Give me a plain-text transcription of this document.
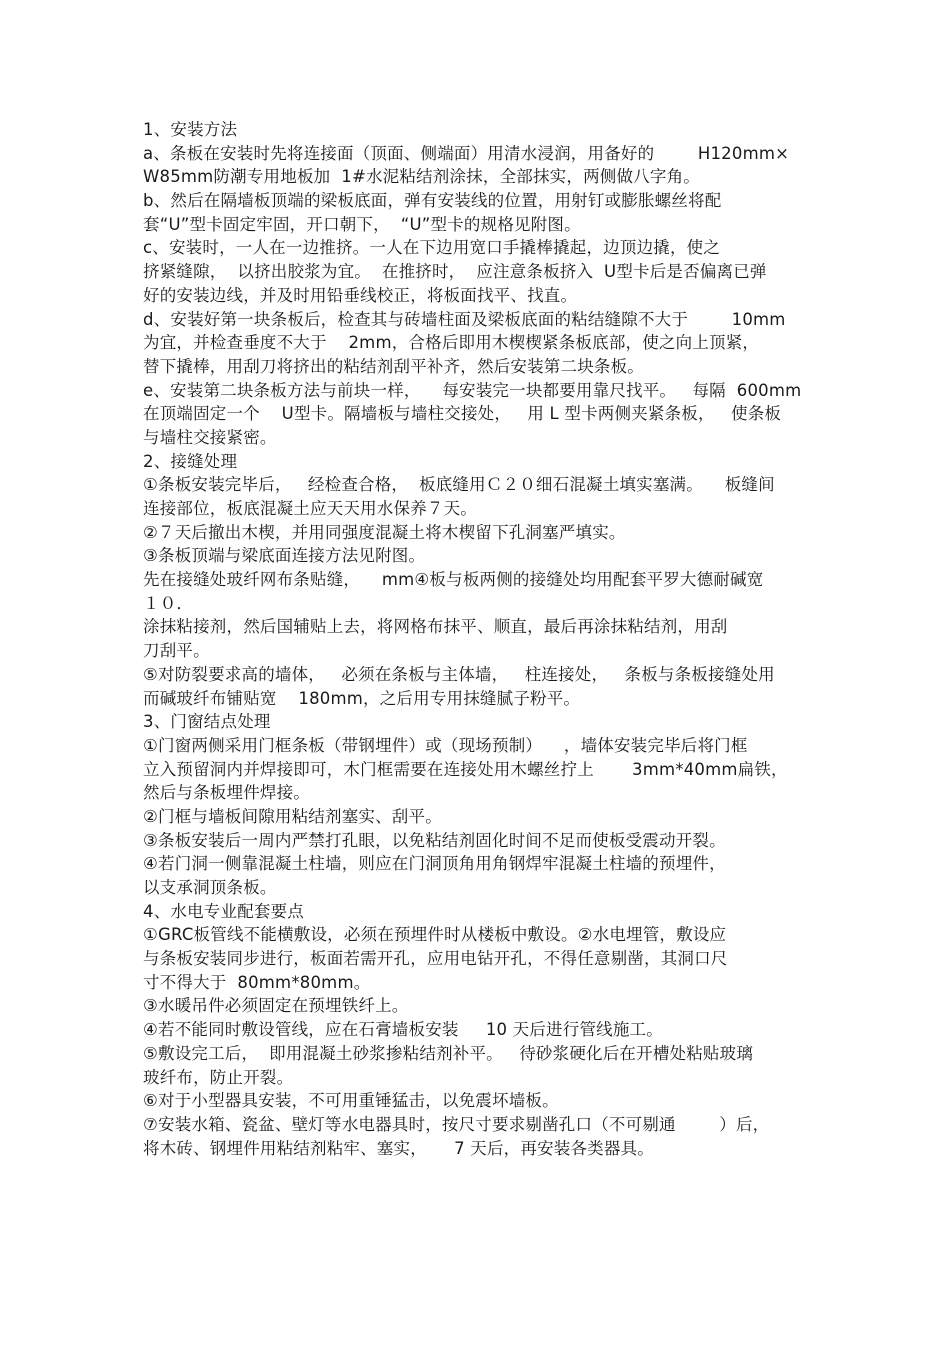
1、安装方法
a、条板在安装时先将连接面（顶面、侧端面）用清水浸润，用备好的        H120mm×
W85mm防潮专用地板加  1#水泥粘结剂涂抹，全部抹实，两侧做八字角。
b、然后在隔墙板顶端的梁板底面，弹有安装线的位置，用射钉或膨胀螺丝将配
套“U”型卡固定牢固，开口朝下，  “U”型卡的规格见附图。
c、安装时，一人在一边推挤。一人在下边用宽口手撬棒撬起，边顶边撬，使之
挤紧缝隙，  以挤出胶浆为宜。  在推挤时，  应注意条板挤入  U型卡后是否偏离已弹
好的安装边线，并及时用铅垂线校正，将板面找平、找直。
d、安装好第一块条板后，检查其与砖墙柱面及梁板底面的粘结缝隙不大于        10mm
为宜，并检查垂度不大于    2mm，合格后即用木楔楔紧条板底部，使之向上顶紧，
替下撬棒，用刮刀将挤出的粘结剂刮平补齐，然后安装第二块条板。
e、安装第二块条板方法与前块一样，    每安装完一块都要用靠尺找平。   每隔  600mm
在顶端固定一个    U型卡。隔墙板与墙柱交接处，   用 L 型卡两侧夹紧条板，   使条板
与墙柱交接紧密。
2、接缝处理
①条板安装完毕后，   经检查合格，  板底缝用Ｃ２０细石混凝土填实塞满。    板缝间
连接部位，板底混凝土应天天用水保养７天。
②７天后撤出木楔，并用同强度混凝土将木楔留下孔洞塞严填实。
③条板顶端与梁底面连接方法见附图。
先在接缝处玻纤网布条贴缝，    mm④板与板两侧的接缝处均用配套平罗大德耐碱宽
１０．
涂抹粘接剂，然后国辅贴上去，将网格布抹平、顺直，最后再涂抹粘结剂，用刮
刀刮平。
⑤对防裂要求高的墙体，   必须在条板与主体墙，   柱连接处，   条板与条板接缝处用
而碱玻纤布铺贴宽    180mm，之后用专用抹缝腻子粉平。
3、门窗结点处理
①门窗两侧采用门框条板（带钢埋件）或（现场预制）    ，墙体安装完毕后将门框
立入预留洞内并焊接即可，木门框需要在连接处用木螺丝拧上       3mm*40mm扁铁，
然后与条板埋件焊接。
②门框与墙板间隙用粘结剂塞实、刮平。
③条板安装后一周内严禁打孔眼，以免粘结剂固化时间不足而使板受震动开裂。
④若门洞一侧靠混凝土柱墙，则应在门洞顶角用角钢焊牢混凝土柱墙的预埋件，
以支承洞顶条板。
4、水电专业配套要点
①GRC板管线不能横敷设，必须在预埋件时从楼板中敷设。②水电埋管，敷设应
与条板安装同步进行，板面若需开孔，应用电钻开孔，不得任意剔凿，其洞口尺
寸不得大于  80mm*80mm。
③水暖吊件必须固定在预埋铁纤上。
④若不能同时敷设管线，应在石膏墙板安装     10 天后进行管线施工。
⑤敷设完工后，  即用混凝土砂浆掺粘结剂补平。   待砂浆硬化后在开槽处粘贴玻璃
玻纤布，防止开裂。
⑥对于小型器具安装，不可用重锤猛击，以免震坏墙板。
⑦安装水箱、瓷盆、壁灯等水电器具时，按尺寸要求剔凿孔口（不可剔通        ）后，
将木砖、钢埋件用粘结剂粘牢、塞实，     7 天后，再安装各类器具。
